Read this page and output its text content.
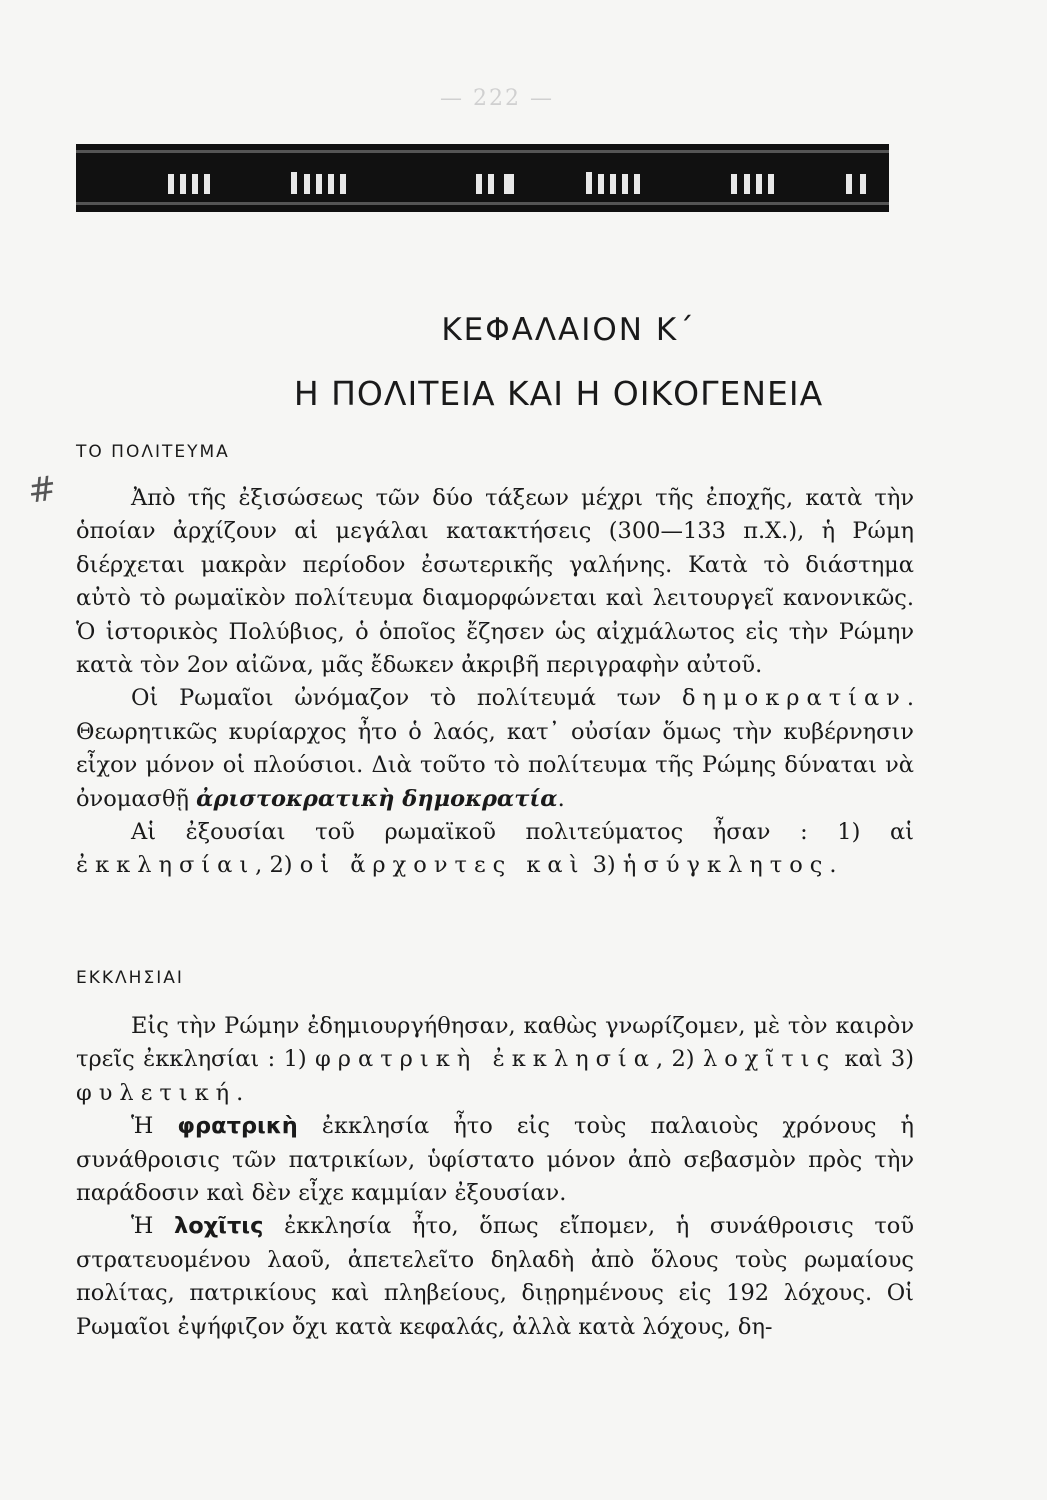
— 222 —
#
ΚΕΦΑΛΑΙΟΝ Κ΄
Η ΠΟΛΙΤΕΙΑ ΚΑΙ Η ΟΙΚΟΓΕΝΕΙΑ
ΤΟ ΠΟΛΙΤΕΥΜΑ

Ἀπὸ τῆς ἐξισώσεως τῶν δύο τάξεων μέχρι τῆς ἐποχῆς, κατὰ τὴν ὁποίαν ἀρχίζουν αἱ μεγάλαι κατακτήσεις (300—133 π.Χ.), ἡ Ρώμη διέρχεται μακρὰν περίοδον ἐσωτερικῆς γαλήνης. Κατὰ τὸ διάστημα αὐτὸ τὸ ρωμαϊκὸν πολίτευμα διαμορφώνεται καὶ λειτουργεῖ κανονικῶς. Ὁ ἱστορικὸς Πολύβιος, ὁ ὁποῖος ἔζησεν ὡς αἰχμάλωτος εἰς τὴν Ρώμην κατὰ τὸν 2ον αἰῶνα, μᾶς ἔδωκεν ἀκριβῆ περιγραφὴν αὐτοῦ.

Οἱ Ρωμαῖοι ὠνόμαζον τὸ πολίτευμά των δημοκρατίαν. Θεωρητικῶς κυρίαρχος ἦτο ὁ λαός, κατ᾽ οὐσίαν ὅμως τὴν κυβέρνησιν εἶχον μόνον οἱ πλούσιοι. Διὰ τοῦτο τὸ πολίτευμα τῆς Ρώμης δύναται νὰ ὀνομασθῇ ἀριστοκρατικὴ δημοκρατία.

Αἱ ἐξουσίαι τοῦ ρωμαϊκοῦ πολιτεύματος ἦσαν : 1) αἱ ἐκκλησίαι, 2) οἱ ἄρχοντες καὶ 3) ἡ σύγκλητος.

ΕΚΚΛΗΣΙΑΙ

Εἰς τὴν Ρώμην ἐδημιουργήθησαν, καθὼς γνωρίζομεν, μὲ τὸν καιρὸν τρεῖς ἐκκλησίαι : 1) φρατρικὴ ἐκκλησία, 2) λοχῖτις καὶ 3) φυλετική.

Ἡ φρατρικὴ ἐκκλησία ἦτο εἰς τοὺς παλαιοὺς χρόνους ἡ συνάθροισις τῶν πατρικίων, ὑφίστατο μόνον ἀπὸ σεβασμὸν πρὸς τὴν παράδοσιν καὶ δὲν εἶχε καμμίαν ἐξουσίαν.

Ἡ λοχῖτις ἐκκλησία ἦτο, ὅπως εἴπομεν, ἡ συνάθροισις τοῦ στρατευομένου λαοῦ, ἀπετελεῖτο δηλαδὴ ἀπὸ ὅλους τοὺς ρωμαίους πολίτας, πατρικίους καὶ πληβείους, διῃρημένους εἰς 192 λόχους. Οἱ Ρωμαῖοι ἐψήφιζον ὄχι κατὰ κεφαλάς, ἀλλὰ κατὰ λόχους, δη-
